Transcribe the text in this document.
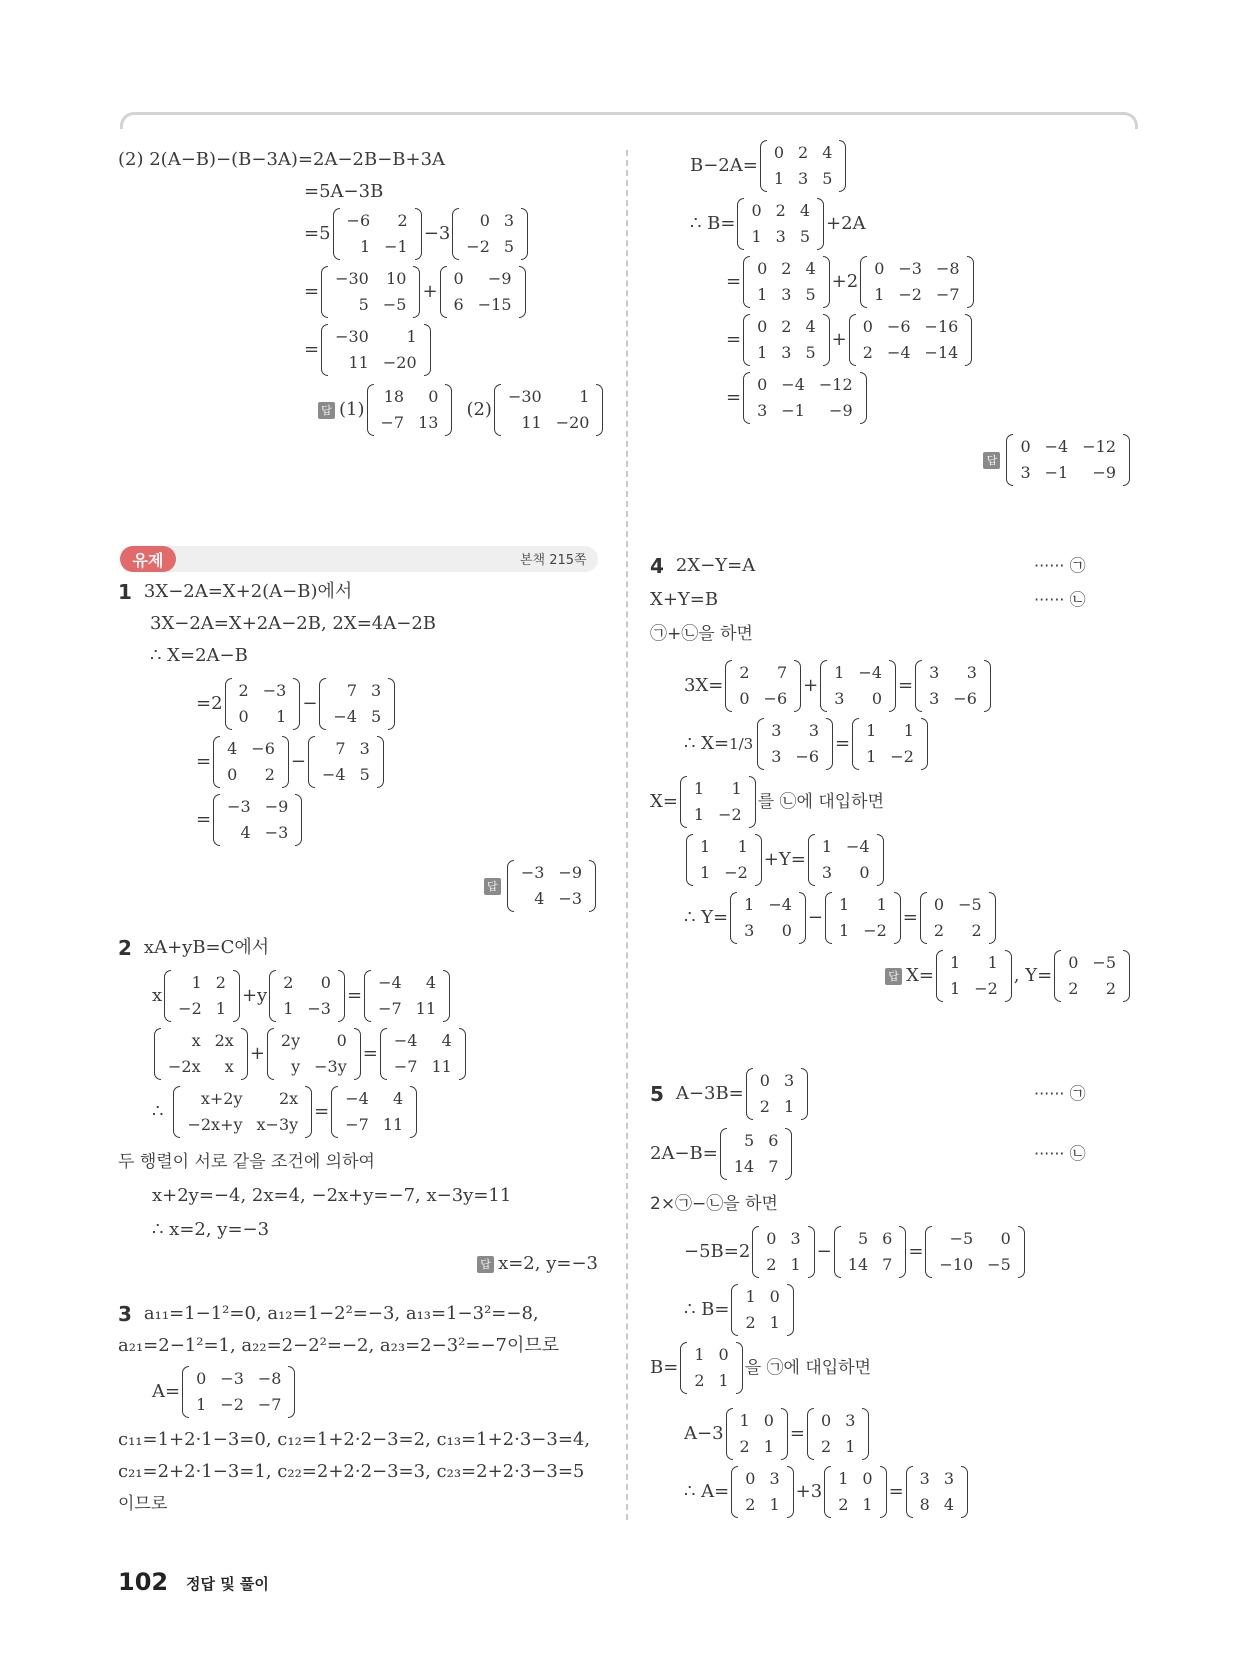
(2) 2(A−B)−(B−3A)=2A−2B−B+3A
=5A−3B
=5
−6	2
1	−1
−3
0	3
−2	5
=
−30	10
5	−5
+
0	−9
6	−15
=
−30	1
11	−20
답 (1)
18	0
−7	13
(2)
−30	1
11	−20
B−2A=
0	2	4
1	3	5
∴ B=
0	2	4
1	3	5
+2A
=
0	2	4
1	3	5
+2
0	−3	−8
1	−2	−7
=
0	2	4
1	3	5
+
0	−6	−16
2	−4	−14
=
0	−4	−12
3	−1	−9
답
0	−4	−12
3	−1	−9
유제	본책 215쪽
1 3X−2A=X+2(A−B)에서
3X−2A=X+2A−2B, 2X=4A−2B
∴ X=2A−B
=2
2	−3
0	1
−
7	3
−4	5
=
4	−6
0	2
−
7	3
−4	5
=
−3	−9
4	−3
답
−3	−9
4	−3
2 xA+yB=C에서
x
1	2
−2	1
+y
2	0
1	−3
=
−4	4
−7	11
x	2x
−2x	x
+
2y	0
y	−3y
=
−4	4
−7	11
∴
x+2y	2x
−2x+y	x−3y
=
−4	4
−7	11
두 행렬이 서로 같을 조건에 의하여
x+2y=−4, 2x=4, −2x+y=−7, x−3y=11
∴ x=2, y=−3
답 x=2, y=−3
3 a₁₁=1−1²=0, a₁₂=1−2²=−3, a₁₃=1−3²=−8,
a₂₁=2−1²=1, a₂₂=2−2²=−2, a₂₃=2−3²=−7이므로
A=
0	−3	−8
1	−2	−7
c₁₁=1+2·1−3=0, c₁₂=1+2·2−3=2, c₁₃=1+2·3−3=4,
c₂₁=2+2·1−3=1, c₂₂=2+2·2−3=3, c₂₃=2+2·3−3=5
이므로
4 2X−Y=A	······ ㉠
X+Y=B	······ ㉡
㉠+㉡을 하면
3X=
2	7
0	−6
+
1	−4
3	0
=
3	3
3	−6
∴ X= 1/3
3	3
3	−6
=
1	1
1	−2
X=
1	1
1	−2
를 ㉡에 대입하면
1	1
1	−2
+Y=
1	−4
3	0
∴ Y=
1	−4
3	0
−
1	1
1	−2
=
0	−5
2	2
답 X=
1	1
1	−2
, Y=
0	−5
2	2
5 A−3B=
0	3
2	1
······ ㉠
2A−B=
5	6
14	7
······ ㉡
2×㉠−㉡을 하면
−5B=2
0	3
2	1
−
5	6
14	7
=
−5	0
−10	−5
∴ B=
1	0
2	1
B=
1	0
2	1
을 ㉠에 대입하면
A−3
1	0
2	1
=
0	3
2	1
∴ A=
0	3
2	1
+3
1	0
2	1
=
3	3
8	4
102 정답 및 풀이
